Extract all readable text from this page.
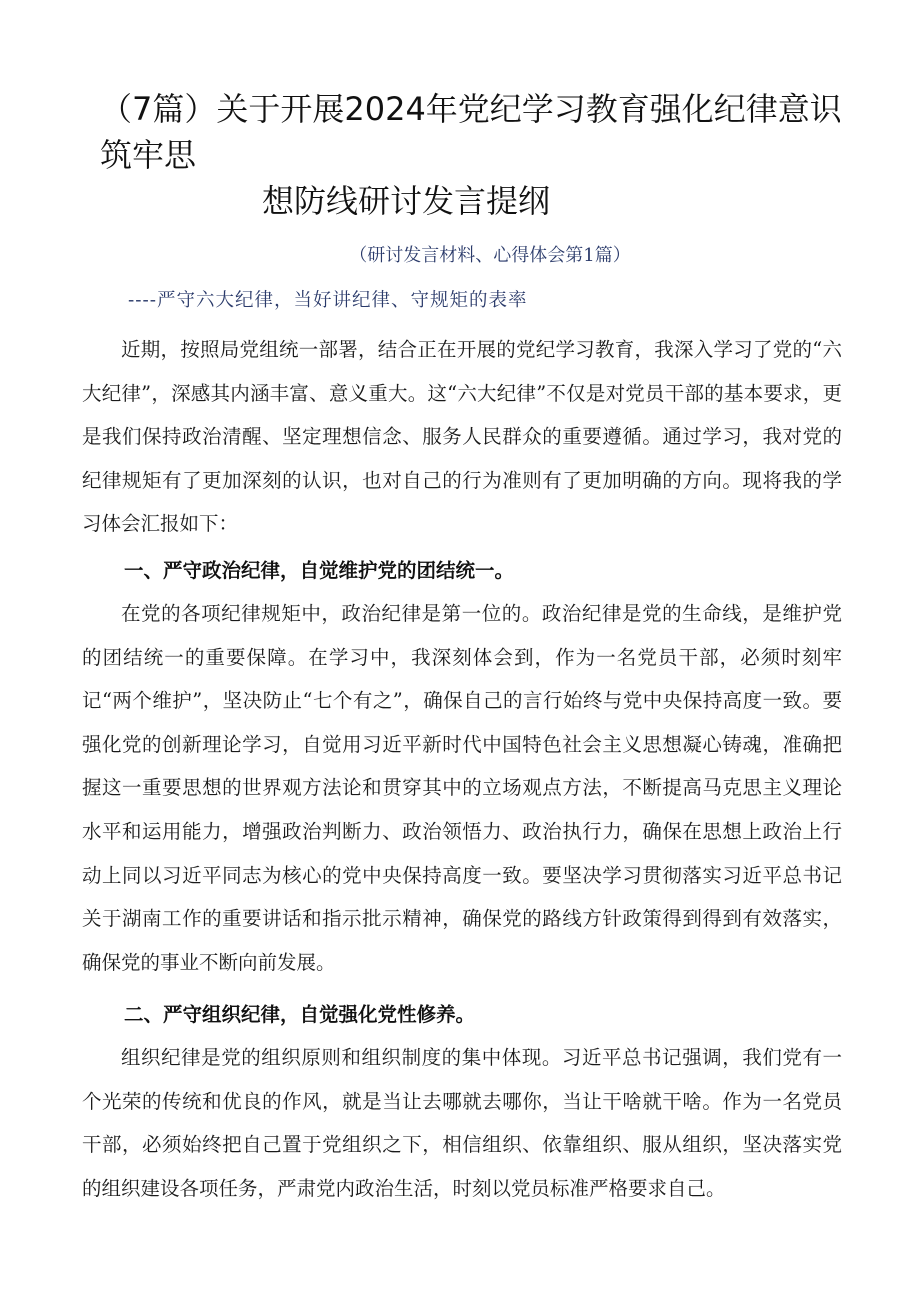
（7篇）关于开展2024年党纪学习教育强化纪律意识筑牢思
想防线研讨发言提纲
（研讨发言材料、心得体会第1篇）
----严守六大纪律，当好讲纪律、守规矩的表率

近期，按照局党组统一部署，结合正在开展的党纪学习教育，我深入学习了党的“六大纪律”，深感其内涵丰富、意义重大。这“六大纪律”不仅是对党员干部的基本要求，更是我们保持政治清醒、坚定理想信念、服务人民群众的重要遵循。通过学习，我对党的纪律规矩有了更加深刻的认识，也对自己的行为准则有了更加明确的方向。现将我的学习体会汇报如下：

一、严守政治纪律，自觉维护党的团结统一。

在党的各项纪律规矩中，政治纪律是第一位的。政治纪律是党的生命线，是维护党的团结统一的重要保障。在学习中，我深刻体会到，作为一名党员干部，必须时刻牢记“两个维护”，坚决防止“七个有之”，确保自己的言行始终与党中央保持高度一致。要强化党的创新理论学习，自觉用习近平新时代中国特色社会主义思想凝心铸魂，准确把握这一重要思想的世界观方法论和贯穿其中的立场观点方法，不断提高马克思主义理论水平和运用能力，增强政治判断力、政治领悟力、政治执行力，确保在思想上政治上行动上同以习近平同志为核心的党中央保持高度一致。要坚决学习贯彻落实习近平总书记关于湖南工作的重要讲话和指示批示精神，确保党的路线方针政策得到得到有效落实，确保党的事业不断向前发展。

二、严守组织纪律，自觉强化党性修养。

组织纪律是党的组织原则和组织制度的集中体现。习近平总书记强调，我们党有一个光荣的传统和优良的作风，就是当让去哪就去哪你，当让干啥就干啥。作为一名党员干部，必须始终把自己置于党组织之下，相信组织、依靠组织、服从组织，坚决落实党的组织建设各项任务，严肃党内政治生活，时刻以党员标准严格要求自己。
